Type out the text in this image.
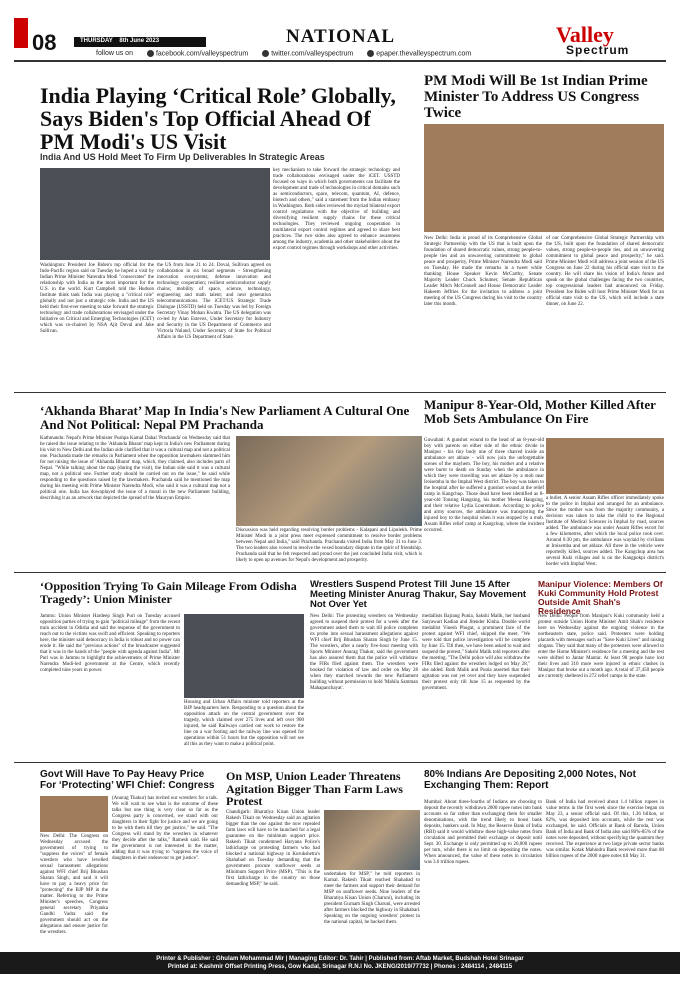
08	THURSDAY 8th June 2023	NATIONAL	Valley
Spectrum
follow us on	facebook.com/valleyspectrum	twitter.com/valleyspectrum	epaper.thevalleyspectrum.com
India Playing ‘Critical Role’ Globally, Says Biden's Top Official Ahead Of PM Modi's US Visit
India And US Hold Meet To Firm Up Deliverables In Strategic Areas
Washington: President Joe Biden's top official for the Indo-Pacific region said on Tuesday he hoped a visit by Indian Prime Minister Narendra Modi "consecrates" the relationship with India as the most important for the U.S. in the world. Kurt Campbell told the Hudson Institute think tank India was playing a "critical role" globally and not just a strategic role. India and the US held their first-ever meeting to take forward the strategic technology and trade collaborations envisaged under the Initiative on Critical and Emerging Technologies (iCET) which was co-chaired by NSA Ajit Doval and Jake Sullivan.
the US from June 21 to 24. Doval, Sullivan agreed on collaboration in six broad segments - Strengthening innovation ecosystems; defense innovation and technology cooperation; resilient semiconductor supply chains; mobility of space, science, technology, engineering and math talent; and next generation telecommunications. The iCET/US Strategic Trade Dialogue (USSTD) held on Tuesday was led by Foreign Secretary Vinay Mohan Kwatra. The US delegation was co-led by Alan Estevez, Under Secretary for Industry and Security in the US Department of Commerce and Victoria Nuland, Under Secretary of State for Political Affairs in the US Department of State.
key mechanism to take forward the strategic technology and trade collaborations envisaged under the iCET. USSTD focused on ways in which both governments can facilitate the development and trade of technologies in critical domains such as semiconductors, space, telecom, quantum, AI, defence, biotech and others," said a statement from the Indian embassy in Washington. Both sides reviewed the myriad bilateral export control regulations with the objective of building and diversifying resilient supply chains for these critical technologies. They reviewed ongoing cooperation in multilateral export control regimes and agreed to share best practices. The two sides also agreed to enhance awareness among the industry, academia and other stakeholders about the export control regimes through workshops and other activities.
PM Modi Will Be 1st Indian Prime Minister To Address US Congress Twice
New Delhi: India is proud of its Comprehensive Global Strategic Partnership with the US that is built upon the foundation of shared democratic values, strong people-to-people ties and an unwavering commitment to global peace and prosperity, Prime Minister Narendra Modi said on Tuesday. He made the remarks in a tweet while thanking House Speaker Kevin McCarthy, Senate Majority Leader Chuck Schumer, Senate Republican Leader Mitch McConnell and House Democratic Leader Hakeem Jeffries for the invitation to address a joint meeting of the US Congress during his visit to the country later this month.
of our Comprehensive Global Strategic Partnership with the US, built upon the foundation of shared democratic values, strong people-to-people ties, and an unwavering commitment to global peace and prosperity," he said. Prime Minister Modi will address a joint session of the US Congress on June 22 during his official state visit to the country. He will share his vision of India's future and speak on the global challenges facing the two countries, top congressional leaders had announced on Friday. President Joe Biden will host Prime Minister Modi for an official state visit to the US, which will include a state dinner, on June 22.
‘Akhanda Bharat’ Map In India's New Parliament A Cultural One And Not Political: Nepal PM Prachanda
Kathmandu: Nepal's Prime Minister Pushpa Kamal Dahal 'Prachanda' on Wednesday said that he raised the issue relating to the 'Akhanda Bharat' map kept in India's new Parliament during his visit to New Delhi and the Indian side clarified that it was a cultural map and not a political one. Prachanda made the remarks in Parliament when the opposition lawmakers slammed him for not raising the issue of 'Akhanda Bharat' map, which, they claimed, also includes parts of Nepal. "While talking about the map (during the visit), the Indian side said it was a cultural map, not a political one. Further study should be carried out on the issue," he said while responding to the questions raised by the lawmakers. Prachanda said he mentioned the map during his meeting with Prime Minister Narendra Modi, who said it was a cultural map not a political one. India has downplayed the issue of a mural in the new Parliament building, describing it as an artwork that depicted the spread of the Mauryan Empire.
Discussion was held regarding resolving border problems - Kalapani and Lipulekh. Prime Minister Modi in a joint press meet expressed commitment to resolve border problems between Nepal and India," said Prachanda. Prachanda visited India from May 31 to June 3. The two leaders also vowed to resolve the vexed boundary dispute in the spirit of friendship. Prachanda said that he felt respected and proud over the just concluded India visit, which is likely to open up avenues for Nepal's development and prosperity.
Manipur 8-Year-Old, Mother Killed After Mob Sets Ambulance On Fire
Guwahati: A gunshot wound to the head of an 8-year-old boy with parents on either side of the ethnic divide in Manipur - his tiny body one of three charred inside an ambulance set ablaze - will now join the unforgettable scenes of the mayhem. The boy, his mother and a relative were burnt to death on Sunday when the ambulance in which they were travelling was set ablaze by a mob near Iroisemba in the Imphal West district. The boy was taken to the hospital after he suffered a gunshot wound at the relief camp in Kangchup. Those dead have been identified as 8-year-old Tonsing Hangsing, his mother Meena Hangsing, and their relative Lydia Lourembam. According to police and army sources, the ambulance was transporting the injured boy to the hospital when it was stopped by a mob. Assam Rifles relief camp at Kangchup, where the incident occurred.
a bullet. A senior Assam Rifles officer immediately spoke to the police in Imphal and arranged for an ambulance. Since the mother was from the majority community, a decision was taken to take the child to the Regional Institute of Medical Sciences in Imphal by road, sources added. The ambulance was under Assam Rifles escort for a few kilometres, after which the local police took over. Around 6:30 pm, the ambulance was waylaid by civilians at Iroisemba and set ablaze. All three in the vehicle were reportedly killed, sources added. The Kangchup area has several Kuki villages and is on the Kangpokpi district's border with Imphal West.
‘Opposition Trying To Gain Mileage From Odisha Tragedy’: Union Minister
Jammu: Union Minister Hardeep Singh Puri on Tuesday accused opposition parties of trying to gain "political mileage" from the recent train accident in Odisha and said the response of the government to reach out to the victims was swift and efficient. Speaking to reporters here, the minister said democracy in India is robust and no power can erode it. He said the "previous actions" of the broadcaster suggested that it was in the hands of the "people with agenda against India". Mr Puri was in Jammu to highlight the achievements of Prime Minister Narendra Modi-led government at the Centre, which recently completed nine years in power.
Housing and Urban Affairs minister told reporters at the BJP headquarters here. Responding to a question about the opposition attack on the central government over the tragedy, which claimed over 275 lives and left over 900 injured, he said Railways carried out work to restore the line on a war footing and the railway line was opened for operations within 51 hours but the opposition will not see all this as they want to make a political point.
Wrestlers Suspend Protest Till June 15 After Meeting Minister Anurag Thakur, Say Movement Not Over Yet
New Delhi: The protesting wrestlers on Wednesday agreed to suspend their protest for a week after the government asked them to wait till police completes its probe into sexual harassment allegations against WFI chief Brij Bhushan Sharan Singh by June 15. The wrestlers, after a nearly five-hour meeting with Sports Minister Anurag Thakur, said the government has also assured them that the police will withdraw the FIRs filed against them. The wrestlers were booked for violation of law and order on May 28 when they marched towards the new Parliament building without permission to hold 'Mahila Samman Mahapanchayat'.
medallists Bajrang Punia, Sakshi Malik, her husband Satyawart Kadian and Jitender Kinha. Double world medallist Vinesh Phogat, a prominent face of the protest against WFI chief, skipped the meet. "We were told that police investigation will be complete by June 15. Till then, we have been asked to wait and suspend the protest," Sakshi Malik told reporters after the meeting. "The Delhi police will also withdraw the FIRs filed against the wrestlers lodged on May 28," she added. Both Malik and Punia asserted that their agitation was not yet over and they have suspended their protest only till June 15 as requested by the government.
Manipur Violence: Members Of Kuki Community Hold Protest Outside Amit Shah's Residence
New Delhi: People from Manipur's Kuki community held a protest outside Union Home Minister Amit Shah's residence here on Wednesday against the ongoing violence in the northeastern state, police said. Protesters were holding placards with messages such as "Save Kuki Lives" and raising slogans. They said that many of the protesters were allowed to enter the Home Minister's residence for a meeting and the rest were shifted to Jantar Mantar. At least 98 people have lost their lives and 310 more were injured in ethnic clashes in Manipur that broke out a month ago. A total of 37,450 people are currently sheltered in 272 relief camps in the state.
Govt Will Have To Pay Heavy Price For ‘Protecting’ WFI Chief: Congress
New Delhi: The Congress on Wednesday accused the government of trying to "suppress the voices" of female wrestlers who have levelled sexual harassment allegations against WFI chief Brij Bhushan Sharan Singh, and said it will have to pay a heavy price for "protecting" the BJP MP in the matter. Referring to the Prime Minister's speeches, Congress general secretary Priyanka Gandhi Vadra said the government should act on the allegations and ensure justice for the wrestlers.
(Anurag Thakur) has invited our wrestlers for a talk. We will wait to see what is the outcome of these talks but one thing is very clear so far as the Congress party is concerned, we stand with our daughters in their fight for justice and we are going to be with them till they get justice," he said. "The Congress will stand by the wrestlers in whatever they decide after the talks," Ramesh said. He said the government is not interested in the matter, adding that it was trying to "suppress the voice of daughters in their endeavour to get justice".
On MSP, Union Leader Threatens Agitation Bigger Than Farm Laws Protest
Chandigarh: Bharatiya Kisan Union leader Rakesh Tikait on Wednesday said an agitation bigger than the one against the now repealed farm laws will have to be launched for a legal guarantee on the minimum support price. Rakesh Tikait condemned Haryana Police's lathicharge on protesting farmers who had blocked a national highway in Kurukshetra's Shahabad on Tuesday demanding that the government procure sunflower seeds at Minimum Support Price (MSP). "This is the first lathicharge in the country on those demanding MSP," he said.
undertaken for MSP," he told reporters in Karnal. Rakesh Tikait reached Shahabad to meet the farmers and support their demand for MSP on sunflower seeds. Nine leaders of the Bharatiya Kisan Union (Charuni), including its president Gurnam Singh Charuni, were arrested after farmers blocked the highway in Shahabad. Speaking on the ongoing wrestlers' protest in the national capital, he backed them.
80% Indians Are Depositing 2,000 Notes, Not Exchanging Them: Report
Mumbai: About three-fourths of Indians are choosing to deposit the recently withdrawn 2000 rupee notes into bank accounts so far rather than exchanging them for smaller denominations, with the trend likely to boost bank deposits, bankers said. In May, the Reserve Bank of India (RBI) said it would withdraw these high-value notes from circulation and permitted their exchange or deposit until Sept. 30. Exchange is only permitted up to 20,000 rupees per turn, while there is no limit on depositing the notes. When announced, the value of these notes in circulation was 3.6 trillion rupees.
Bank of India had received about 1.4 billion rupees in value terms in the first week since the exercise began on May 23, a senior official said. Of this, 1.36 billion, or 82%, was deposited into accounts, while the rest was exchanged, he said. Officials at Bank of Baroda, Union Bank of India and Bank of India also said 80%-85% of the notes were deposited, without specifying the quantum they received. The experience at two large private sector banks was similar. Kotak Mahindra Bank received more than 80 billion rupees of the 2000 rupee notes till May 31.
Printer & Publisher : Ghulam Mohammad Mir | Managing Editor: Dr. Tahir | Published from: Aftab Market, Budshah Hotel Srinagar
Printed at: Kashmir Offset Printing Press, Gow Kadal, Srinagar R.N.I No. JKENG/2019/77732 | Phones : 2484114 , 2484115
